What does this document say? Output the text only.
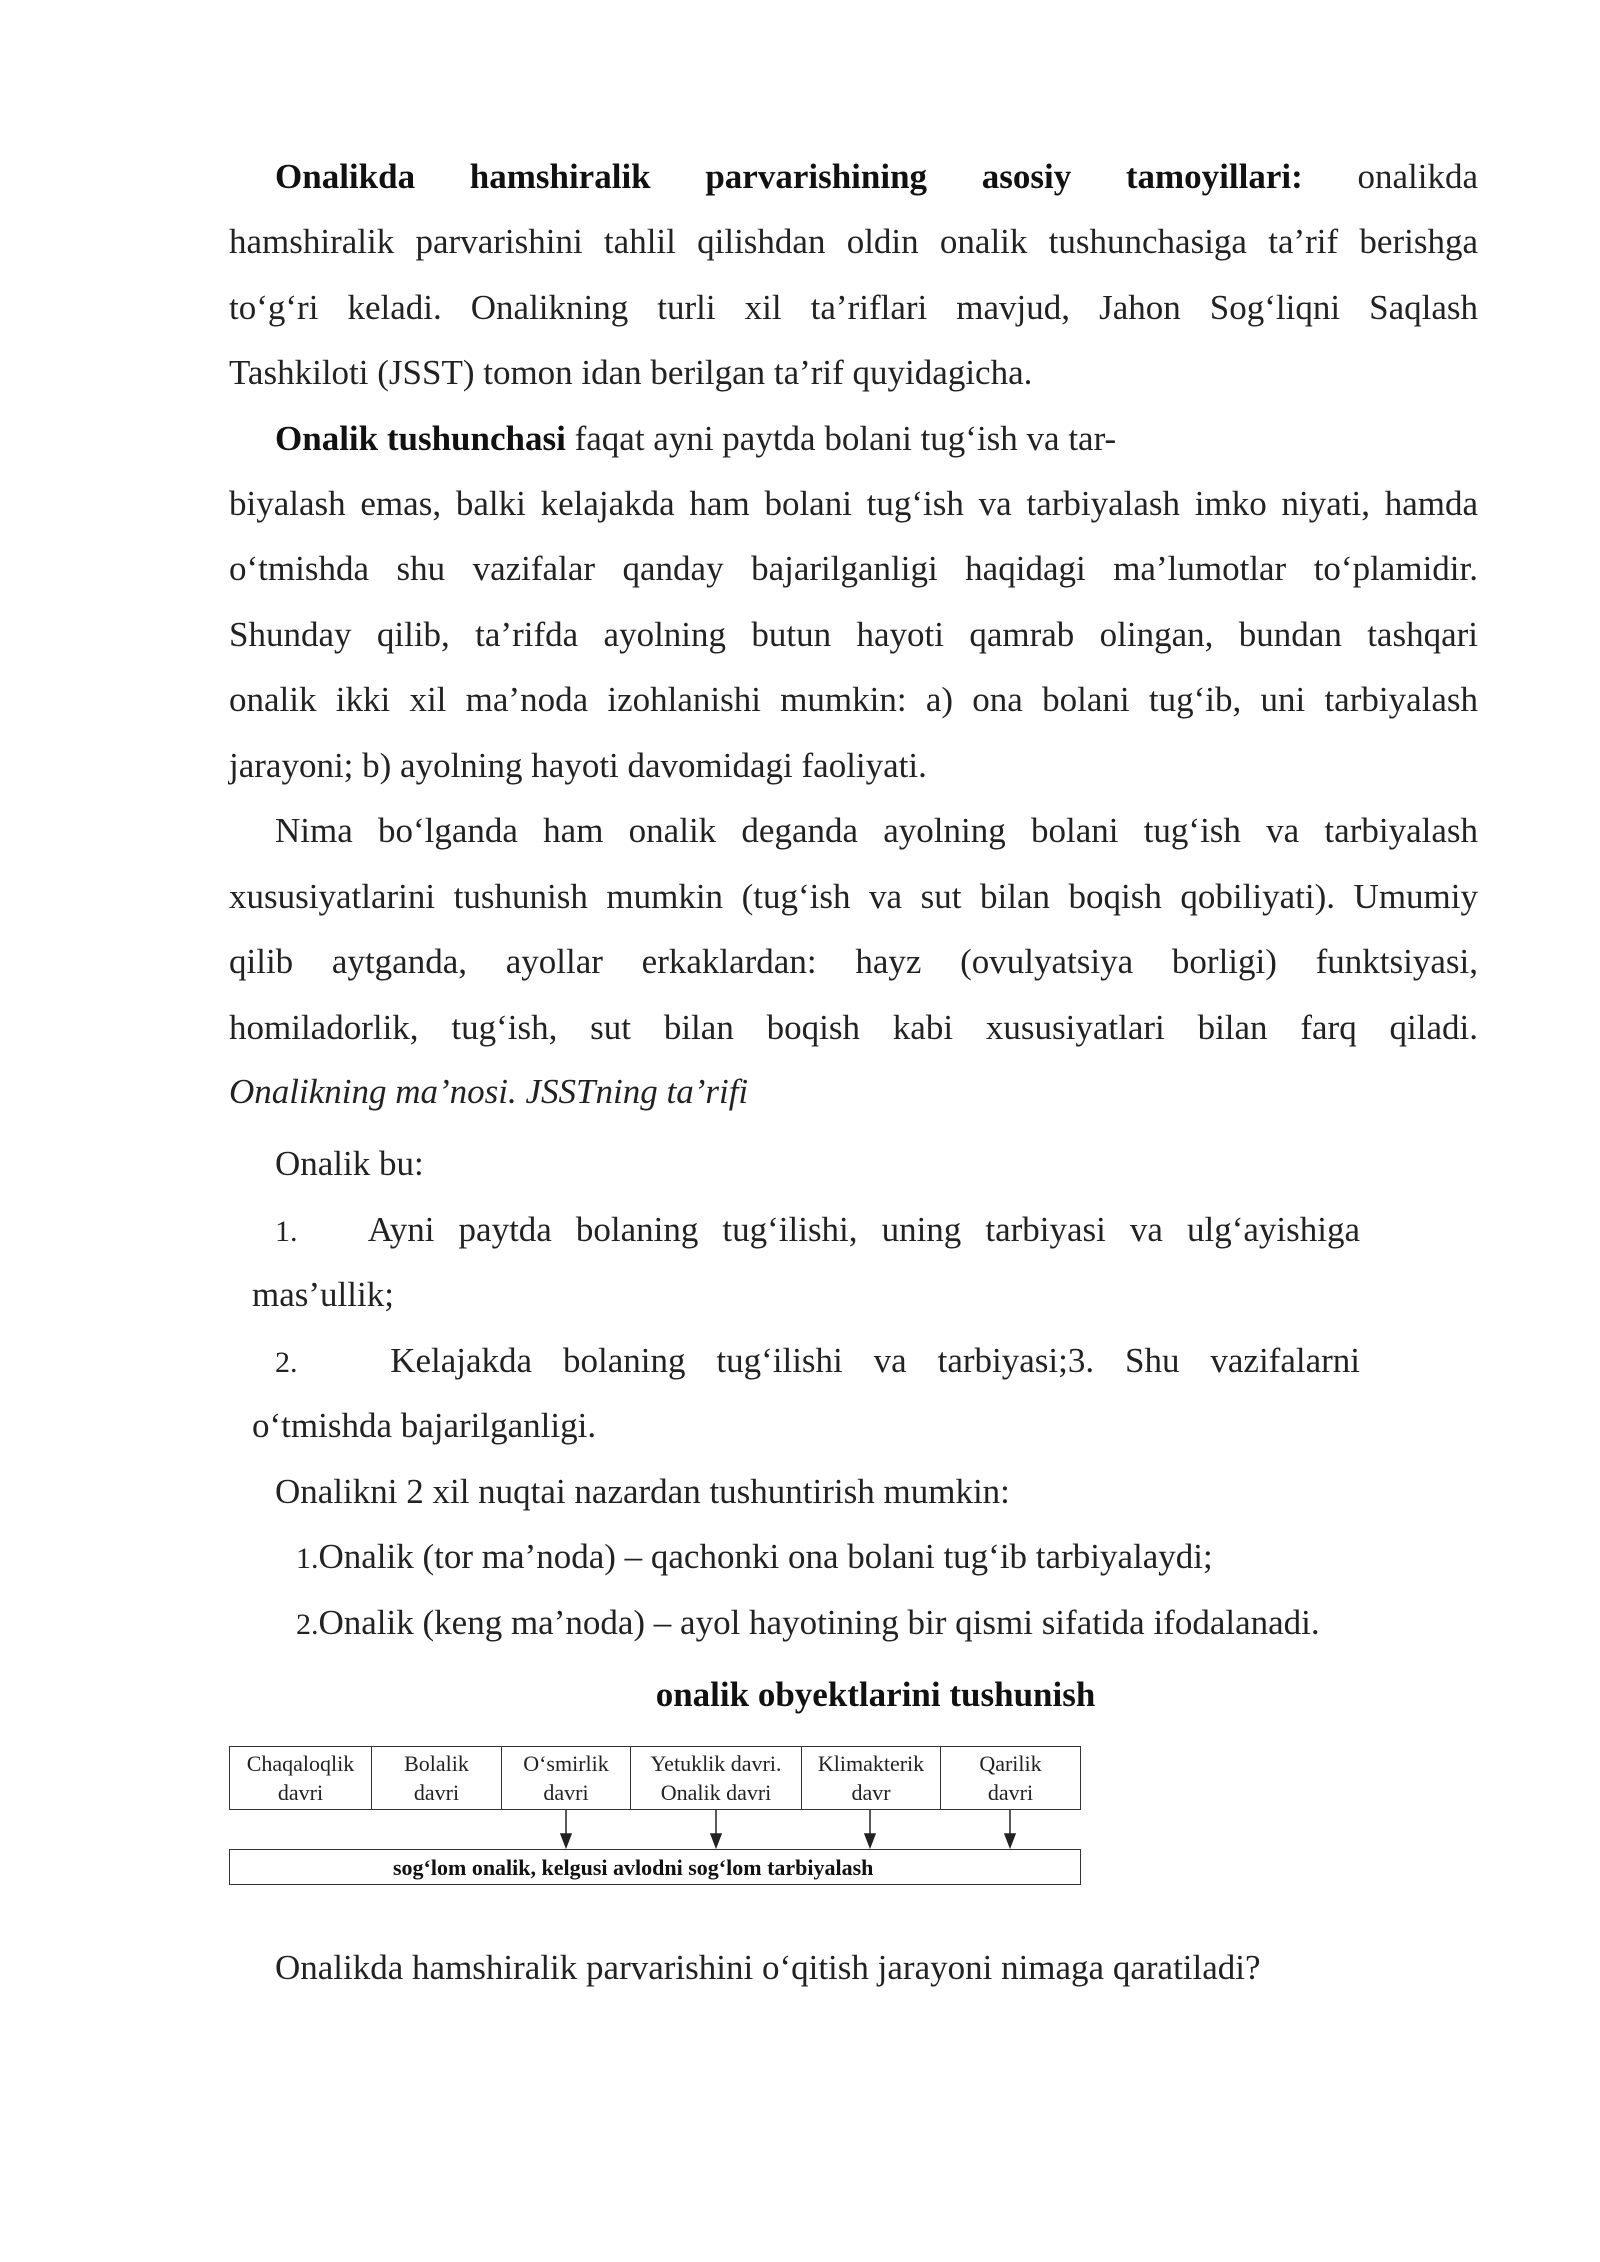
Onalikda hamshiralik parvarishining asosiy tamoyillari: onalikda
hamshiralik parvarishini tahlil qilishdan oldin onalik tushunchasiga ta’rif berishga
to‘g‘ri keladi. Onalikning turli xil ta’riflari mavjud, Jahon Sog‘liqni Saqlash
Tashkiloti (JSST) tomon idan berilgan ta’rif quyidagicha.
Onalik tushunchasi faqat ayni paytda bolani tug‘ish va tar-
biyalash emas, balki kelajakda ham bolani tug‘ish va tarbiyalash imko niyati, hamda
o‘tmishda shu vazifalar qanday bajarilganligi haqidagi ma’lumotlar to‘plamidir.
Shunday qilib, ta’rifda ayolning butun hayoti qamrab olingan, bundan tashqari
onalik ikki xil ma’noda izohlanishi mumkin: a) ona bolani tug‘ib, uni tarbiyalash
jarayoni; b) ayolning hayoti davomidagi faoliyati.
Nima bo‘lganda ham onalik deganda ayolning bolani tug‘ish va tarbiyalash
xususiyatlarini tushunish mumkin (tug‘ish va sut bilan boqish qobiliyati). Umumiy
qilib aytganda, ayollar erkaklardan: hayz (ovulyatsiya borligi) funktsiyasi,
homiladorlik, tug‘ish, sut bilan boqish kabi xususiyatlari bilan farq qiladi.
Onalikning ma’nosi. JSSTning ta’rifi
Onalik bu:
1. Ayni paytda bolaning tug‘ilishi, uning tarbiyasi va ulg‘ayishiga
mas’ullik;
2.	Kelajakda bolaning tug‘ilishi va tarbiyasi;3. Shu vazifalarni
o‘tmishda bajarilganligi.
Onalikni 2 xil nuqtai nazardan tushuntirish mumkin:
1.Onalik (tor ma’noda) – qachonki ona bolani tug‘ib tarbiyalaydi;
2.Onalik (keng ma’noda) – ayol hayotining bir qismi sifatida ifodalanadi.
onalik obyektlarini tushunish
Chaqaloqlik
davri
Bolalik
davri
O‘smirlik
davri
Yetuklik davri.
Onalik davri
Klimakterik
davr
Qarilik
davri
sog‘lom onalik, kelgusi avlodni sog‘lom tarbiyalash
Onalikda hamshiralik parvarishini o‘qitish jarayoni nimaga qaratiladi?
